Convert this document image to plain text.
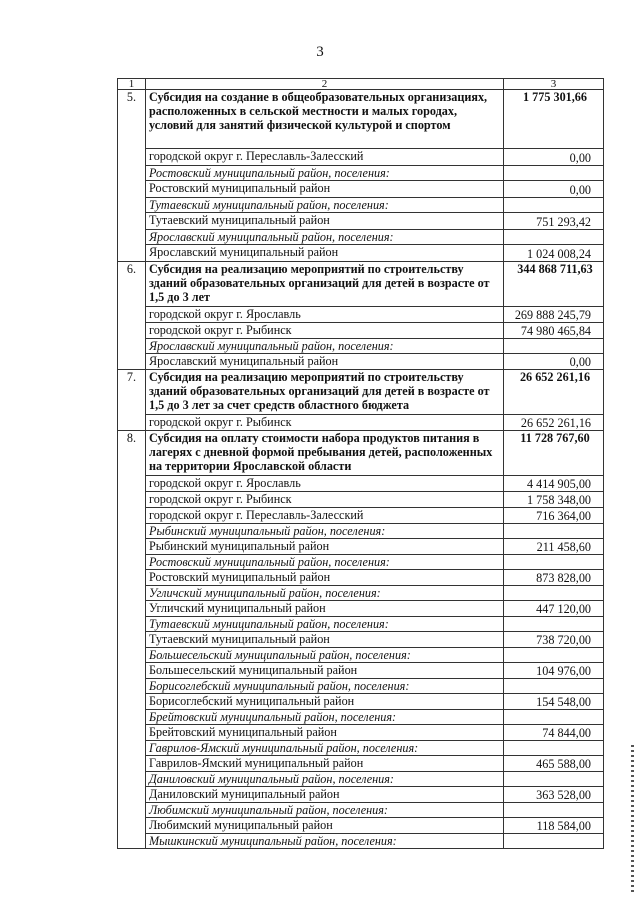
3
1	2	3
5.	Субсидия на создание в общеобразовательных организациях, расположенных в сельской местности и малых городах, условий для занятий физической культурой и спортом	1 775 301,66
	городской округ г. Переславль-Залесский	0,00
	Ростовский муниципальный район, поселения:	
	Ростовский муниципальный район	0,00
	Тутаевский муниципальный район, поселения:	
	Тутаевский муниципальный район	751 293,42
	Ярославский муниципальный район, поселения:	
	Ярославский муниципальный район	1 024 008,24
6.	Субсидия на реализацию мероприятий по строительству зданий образовательных организаций для детей в возрасте от 1,5 до 3 лет	344 868 711,63
	городской округ г. Ярославль	269 888 245,79
	городской округ г. Рыбинск	74 980 465,84
	Ярославский муниципальный район, поселения:	
	Ярославский муниципальный район	0,00
7.	Субсидия на реализацию мероприятий по строительству зданий образовательных организаций для детей в возрасте от 1,5 до 3 лет за счет средств областного бюджета	26 652 261,16
	городской округ г. Рыбинск	26 652 261,16
8.	Субсидия на оплату стоимости набора продуктов питания в лагерях с дневной формой пребывания детей, расположенных на территории Ярославской области	11 728 767,60
	городской округ г. Ярославль	4 414 905,00
	городской округ г. Рыбинск	1 758 348,00
	городской округ г. Переславль-Залесский	716 364,00
	Рыбинский муниципальный район, поселения:	
	Рыбинский муниципальный район	211 458,60
	Ростовский муниципальный район, поселения:	
	Ростовский муниципальный район	873 828,00
	Угличский муниципальный район, поселения:	
	Угличский муниципальный район	447 120,00
	Тутаевский муниципальный район, поселения:	
	Тутаевский муниципальный район	738 720,00
	Большесельский муниципальный район, поселения:	
	Большесельский муниципальный район	104 976,00
	Борисоглебский муниципальный район, поселения:	
	Борисоглебский муниципальный район	154 548,00
	Брейтовский муниципальный район, поселения:	
	Брейтовский муниципальный район	74 844,00
	Гаврилов-Ямский муниципальный район, поселения:	
	Гаврилов-Ямский муниципальный район	465 588,00
	Даниловский муниципальный район, поселения:	
	Даниловский муниципальный район	363 528,00
	Любимский муниципальный район, поселения:	
	Любимский муниципальный район	118 584,00
	Мышкинский муниципальный район, поселения:	
